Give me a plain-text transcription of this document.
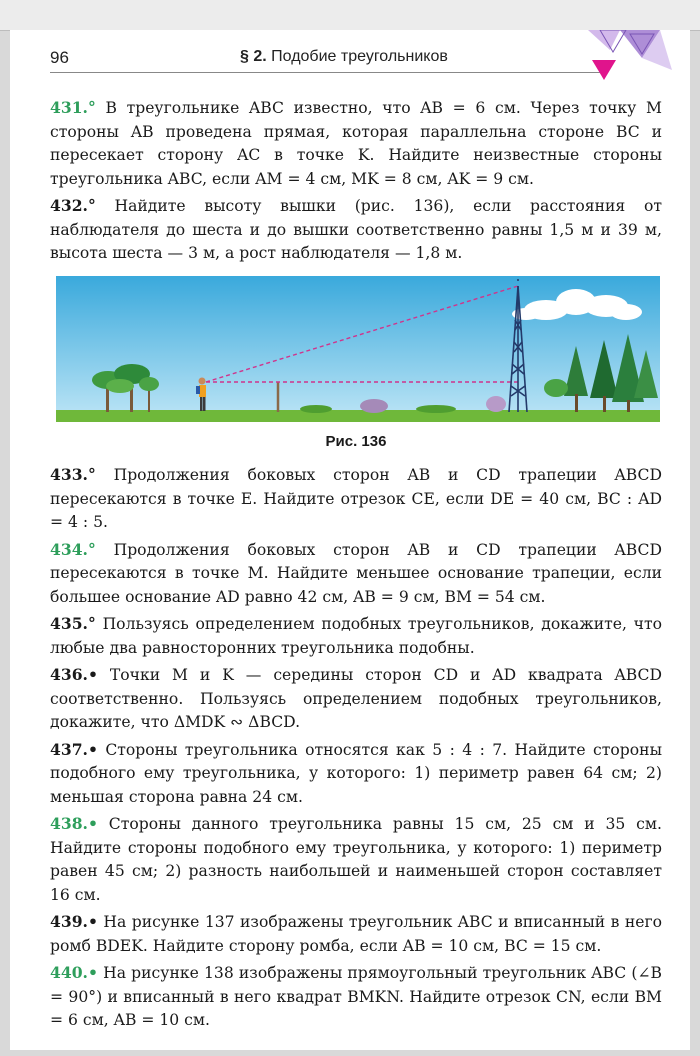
96	§ 2. Подобие треугольников

431.° В треугольнике ABC известно, что AB = 6 см. Через точку M стороны AB проведена прямая, которая параллельна стороне BC и пересекает сторону AC в точке K. Найдите неизвестные стороны треугольника ABC, если AM = 4 см, MK = 8 см, AK = 9 см.

432.° Найдите высоту вышки (рис. 136), если расстояния от наблюдателя до шеста и до вышки соответственно равны 1,5 м и 39 м, высота шеста — 3 м, а рост наблюдателя — 1,8 м.

Рис. 136

433.° Продолжения боковых сторон AB и CD трапеции ABCD пересекаются в точке E. Найдите отрезок CE, если DE = 40 см, BC : AD = 4 : 5.

434.° Продолжения боковых сторон AB и CD трапеции ABCD пересекаются в точке M. Найдите меньшее основание трапеции, если большее основание AD равно 42 см, AB = 9 см, BM = 54 см.

435.° Пользуясь определением подобных треугольников, докажите, что любые два равносторонних треугольника подобны.

436.• Точки M и K — середины сторон CD и AD квадрата ABCD соответственно. Пользуясь определением подобных треугольников, докажите, что ΔMDK ∾ ΔBCD.

437.• Стороны треугольника относятся как 5 : 4 : 7. Найдите стороны подобного ему треугольника, у которого: 1) периметр равен 64 см; 2) меньшая сторона равна 24 см.

438.• Стороны данного треугольника равны 15 см, 25 см и 35 см. Найдите стороны подобного ему треугольника, у которого: 1) периметр равен 45 см; 2) разность наибольшей и наименьшей сторон составляет 16 см.

439.• На рисунке 137 изображены треугольник ABC и вписанный в него ромб BDEK. Найдите сторону ромба, если AB = 10 см, BC = 15 см.

440.• На рисунке 138 изображены прямоугольный треугольник ABC (∠B = 90°) и вписанный в него квадрат BMKN. Найдите отрезок CN, если BM = 6 см, AB = 10 см.
